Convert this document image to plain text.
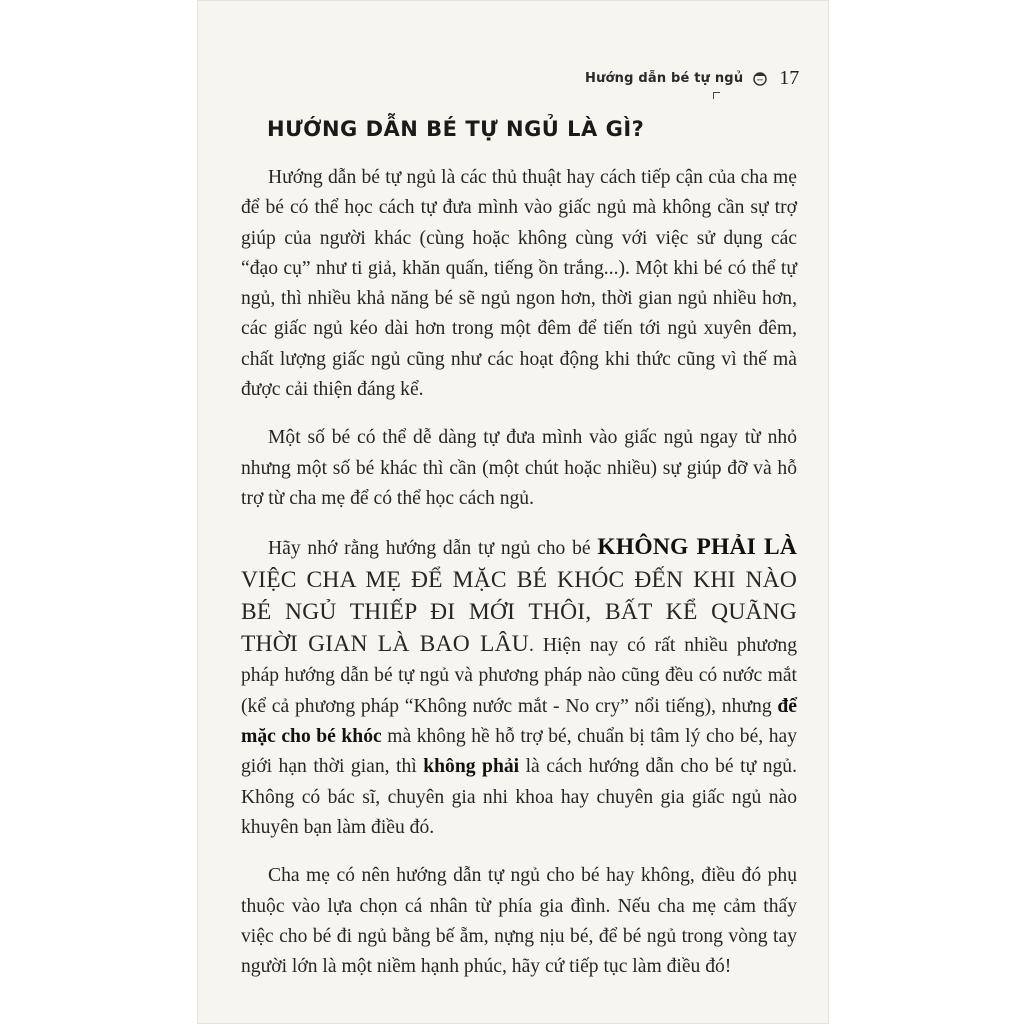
Hướng dẫn bé tự ngủ 17
HƯỚNG DẪN BÉ TỰ NGỦ LÀ GÌ?

Hướng dẫn bé tự ngủ là các thủ thuật hay cách tiếp cận của cha mẹ để bé có thể học cách tự đưa mình vào giấc ngủ mà không cần sự trợ giúp của người khác (cùng hoặc không cùng với việc sử dụng các “đạo cụ” như ti giả, khăn quấn, tiếng ồn trắng...). Một khi bé có thể tự ngủ, thì nhiều khả năng bé sẽ ngủ ngon hơn, thời gian ngủ nhiều hơn, các giấc ngủ kéo dài hơn trong một đêm để tiến tới ngủ xuyên đêm, chất lượng giấc ngủ cũng như các hoạt động khi thức cũng vì thế mà được cải thiện đáng kể.

Một số bé có thể dễ dàng tự đưa mình vào giấc ngủ ngay từ nhỏ nhưng một số bé khác thì cần (một chút hoặc nhiều) sự giúp đỡ và hỗ trợ từ cha mẹ để có thể học cách ngủ.

Hãy nhớ rằng hướng dẫn tự ngủ cho bé KHÔNG PHẢI LÀ VIỆC CHA MẸ ĐỂ MẶC BÉ KHÓC ĐẾN KHI NÀO BÉ NGỦ THIẾP ĐI MỚI THÔI, BẤT KỂ QUÃNG THỜI GIAN LÀ BAO LÂU. Hiện nay có rất nhiều phương pháp hướng dẫn bé tự ngủ và phương pháp nào cũng đều có nước mắt (kể cả phương pháp “Không nước mắt - No cry” nổi tiếng), nhưng để mặc cho bé khóc mà không hề hỗ trợ bé, chuẩn bị tâm lý cho bé, hay giới hạn thời gian, thì không phải là cách hướng dẫn cho bé tự ngủ. Không có bác sĩ, chuyên gia nhi khoa hay chuyên gia giấc ngủ nào khuyên bạn làm điều đó.

Cha mẹ có nên hướng dẫn tự ngủ cho bé hay không, điều đó phụ thuộc vào lựa chọn cá nhân từ phía gia đình. Nếu cha mẹ cảm thấy việc cho bé đi ngủ bằng bế ẵm, nựng nịu bé, để bé ngủ trong vòng tay người lớn là một niềm hạnh phúc, hãy cứ tiếp tục làm điều đó!
